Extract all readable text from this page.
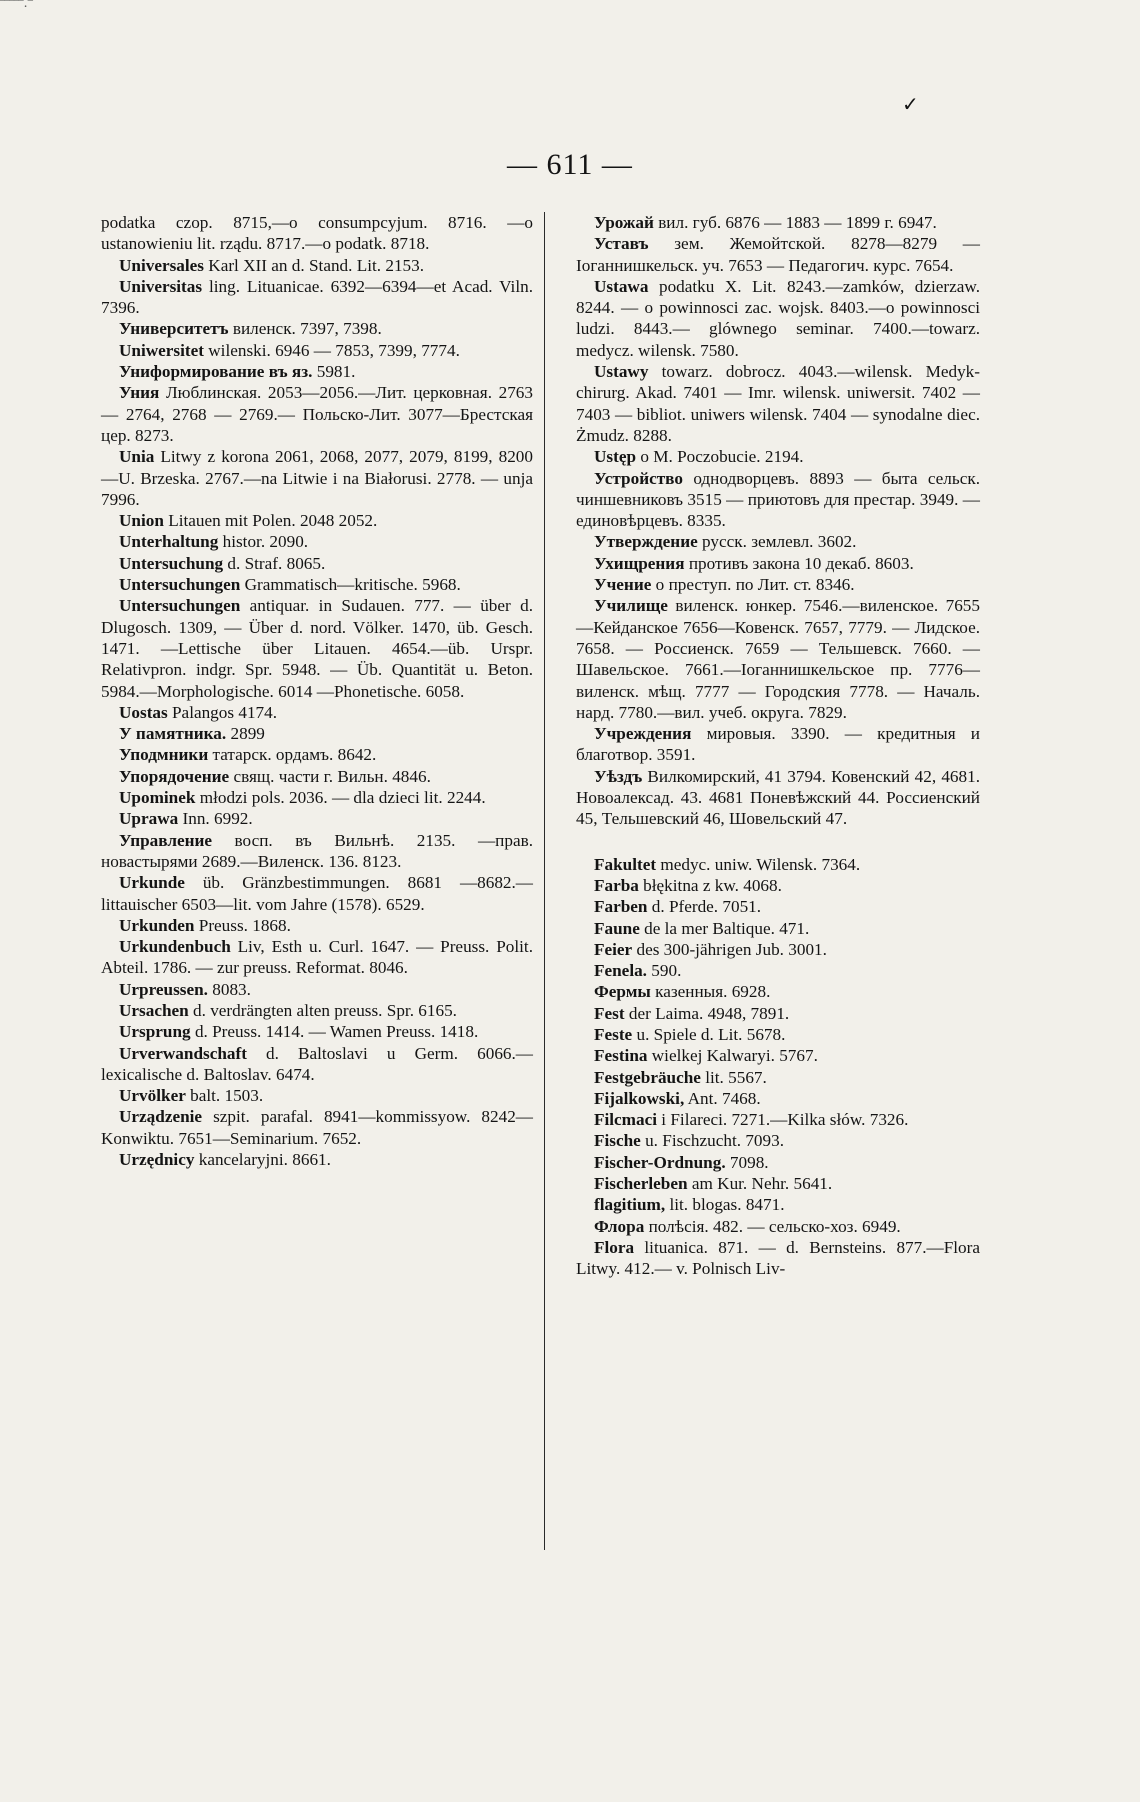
‾‾‾‾‾·‾
✓
— 611 —

podatka czop. 8715,—o consumpcyjum. 8716. —o ustanowieniu lit. rządu. 8717.—o podatk. 8718.

Universales Karl XII an d. Stand. Lit. 2153.

Universitas ling. Lituanicae. 6392—6394—et Acad. Viln. 7396.

Университетъ виленск. 7397, 7398.

Uniwersitet wilenski. 6946 — 7853, 7399, 7774.

Униформирование въ яз. 5981.

Уния Люблинская. 2053—2056.—Лит. церковная. 2763 — 2764, 2768 — 2769.— Польско-Лит. 3077—Брестская цер. 8273.

Unia Litwy z korona 2061, 2068, 2077, 2079, 8199, 8200—U. Brzeska. 2767.—na Litwie i na Białorusi. 2778. — unja 7996.

Union Litauen mit Polen. 2048 2052.

Unterhaltung histor. 2090.

Untersuchung d. Straf. 8065.

Untersuchungen Grammatisch—kritische. 5968.

Untersuchungen antiquar. in Sudauen. 777. — über d. Dlugosch. 1309, — Über d. nord. Völker. 1470, üb. Gesch. 1471. —Lettische über Litauen. 4654.—üb. Urspr. Relativpron. indgr. Spr. 5948. — Üb. Quantität u. Beton. 5984.—Morphologische. 6014 —Phonetische. 6058.

Uostas Palangos 4174.

У памятника. 2899

Уподмники татарск. ордамъ. 8642.

Упорядочение свящ. части г. Вильн. 4846.

Upominek młodzi pols. 2036. — dla dzieci lit. 2244.

Uprawa Inn. 6992.

Управление восп. въ Вильнѣ. 2135. —прав. новастырями 2689.—Виленск. 136. 8123.

Urkunde üb. Gränzbestimmungen. 8681 —8682.—littauischer 6503—lit. vom Jahre (1578). 6529.

Urkunden Preuss. 1868.

Urkundenbuch Liv, Esth u. Curl. 1647. — Preuss. Polit. Abteil. 1786. — zur preuss. Reformat. 8046.

Urpreussen. 8083.

Ursachen d. verdrängten alten preuss. Spr. 6165.

Ursprung d. Preuss. 1414. — Wamen Preuss. 1418.

Urverwandschaft d. Baltoslavi u Germ. 6066.—lexicalische d. Baltoslav. 6474.

Urvölker balt. 1503.

Urządzenie szpit. parafal. 8941—kommissyow. 8242—Konwiktu. 7651—Seminarium. 7652.

Urzędnicy kancelaryjni. 8661.

Урожай вил. губ. 6876 — 1883 — 1899 г. 6947.

Уставъ зем. Жемойтской. 8278—8279 — Іоганнишкельск. уч. 7653 — Педагогич. курс. 7654.

Ustawa podatku X. Lit. 8243.—zamków, dzierzaw. 8244. — o powinnosci zac. wojsk. 8403.—o powinnosci ludzi. 8443.— glównego seminar. 7400.—towarz. medycz. wilensk. 7580.

Ustawy towarz. dobrocz. 4043.—wilensk. Medyk-chirurg. Akad. 7401 — Imr. wilensk. uniwersit. 7402 — 7403 — bibliot. uniwers wilensk. 7404 — synodalne diec. Żmudz. 8288.

Ustęp o M. Poczobucie. 2194.

Устройство однодворцевъ. 8893 — быта сельск. чиншевниковъ 3515 — приютовъ для престар. 3949. — единовѣрцевъ. 8335.

Утверждение русск. землевл. 3602.

Ухищрения противъ закона 10 декаб. 8603.

Учение о преступ. по Лит. ст. 8346.

Училище виленск. юнкер. 7546.—виленское. 7655—Кейданское 7656—Ковенск. 7657, 7779. — Лидское. 7658. — Россиенск. 7659 — Тельшевск. 7660. — Шавельское. 7661.—Іоганнишкельское пр. 7776—виленск. мѣщ. 7777 — Городския 7778. — Началь. нард. 7780.—вил. учеб. округа. 7829.

Учреждения мировыя. 3390. — кредитныя и благотвор. 3591.

Уѣздъ Вилкомирский, 41 3794. Ковенский 42, 4681. Новоалексад. 43. 4681 Поневѣжский 44. Россиенский 45, Тельшевский 46, Шовельский 47.

Fakultet medyc. uniw. Wilensk. 7364.

Farba błękitna z kw. 4068.

Farben d. Pferde. 7051.

Faune de la mer Baltique. 471.

Feier des 300-jährigen Jub. 3001.

Fenela. 590.

Фермы казенныя. 6928.

Fest der Laima. 4948, 7891.

Feste u. Spiele d. Lit. 5678.

Festina wielkej Kalwaryi. 5767.

Festgebräuche lit. 5567.

Fijalkowski, Ant. 7468.

Filcmaci i Filareci. 7271.—Kilka słów. 7326.

Fische u. Fischzucht. 7093.

Fischer-Ordnung. 7098.

Fischerleben am Kur. Nehr. 5641.

flagitium, lit. blogas. 8471.

Флора полѣсія. 482. — сельско-хоз. 6949.

Flora lituanica. 871. — d. Bernsteins. 877.—Flora Litwy. 412.— v. Polnisch Liv-
